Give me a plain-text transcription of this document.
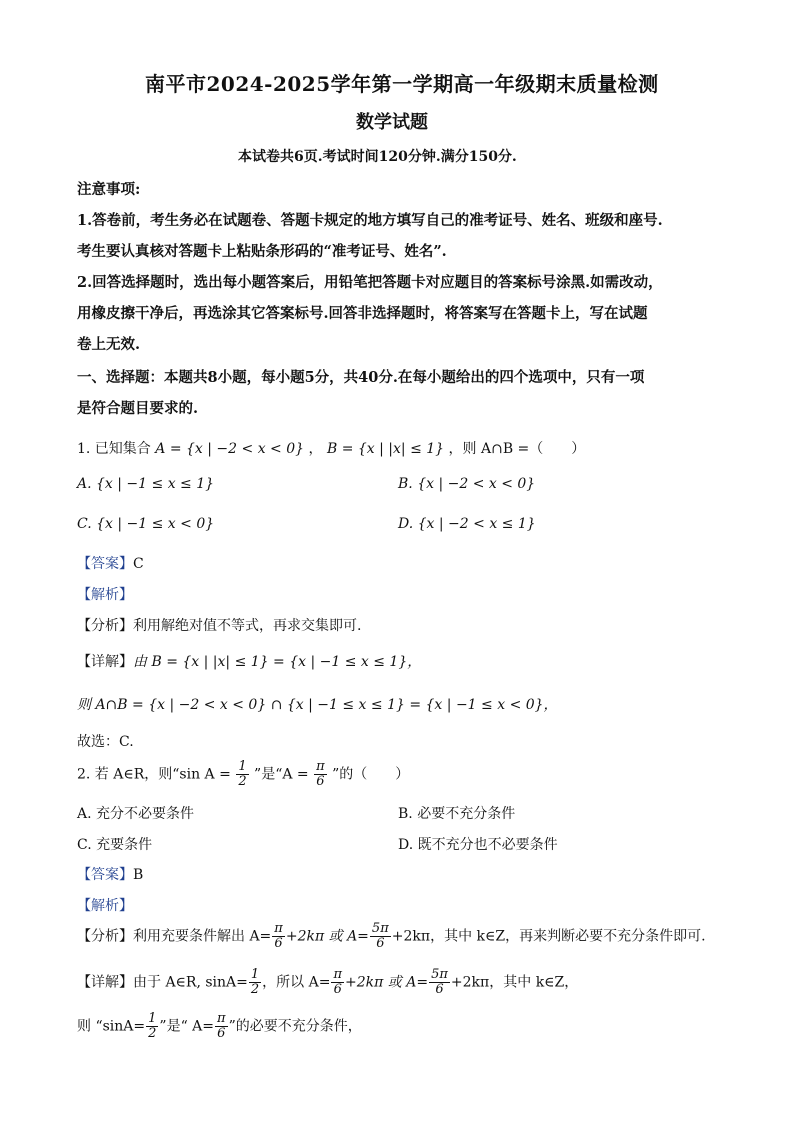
南平市2024-2025学年第一学期高一年级期末质量检测
数学试题
本试卷共6页.考试时间120分钟.满分150分.
注意事项:
1.答卷前，考生务必在试题卷、答题卡规定的地方填写自己的准考证号、姓名、班级和座号.
考生要认真核对答题卡上粘贴条形码的“准考证号、姓名”.
2.回答选择题时，选出每小题答案后，用铅笔把答题卡对应题目的答案标号涂黑.如需改动，
用橡皮擦干净后，再选涂其它答案标号.回答非选择题时，将答案写在答题卡上，写在试题
卷上无效.
一、选择题：本题共8小题，每小题5分，共40分.在每小题给出的四个选项中，只有一项
是符合题目要求的.
1. 已知集合 A = {x | −2 < x < 0} ， B = {x | |x| ≤ 1} ，则 A∩B =（　　）
A. {x | −1 ≤ x ≤ 1}	B. {x | −2 < x < 0}
C. {x | −1 ≤ x < 0}	D. {x | −2 < x ≤ 1}
【答案】C
【解析】
【分析】利用解绝对值不等式，再求交集即可.
【详解】由 B = {x | |x| ≤ 1} = {x | −1 ≤ x ≤ 1}，
则 A∩B = {x | −2 < x < 0} ∩ {x | −1 ≤ x ≤ 1} = {x | −1 ≤ x < 0}，
故选：C.
2. 若 A∈R，则“sin $A = \frac{1}{2}$ ”是“$A = \frac{\pi}{6}$ ”的（　　）
A. 充分不必要条件	B. 必要不充分条件
C. 充要条件	D. 既不充分也不必要条件
【答案】B
【解析】
【分析】利用充要条件解出 $A= \frac{\pi}{6} +2k\pi$ 或 $A= \frac{5\pi}{6} +2k\pi$，其中 k∈Z，再来判断必要不充分条件即可.
【详解】由于 A∈R, $\sin A= \frac{1}{2}$ ，所以 $A= \frac{\pi}{6} +2k\pi$ 或 $A= \frac{5\pi}{6} +2k\pi$，其中 k∈Z，
则 “$\sin A= \frac{1}{2}$ ”是“ $A= \frac{\pi}{6}$ ”的必要不充分条件，
